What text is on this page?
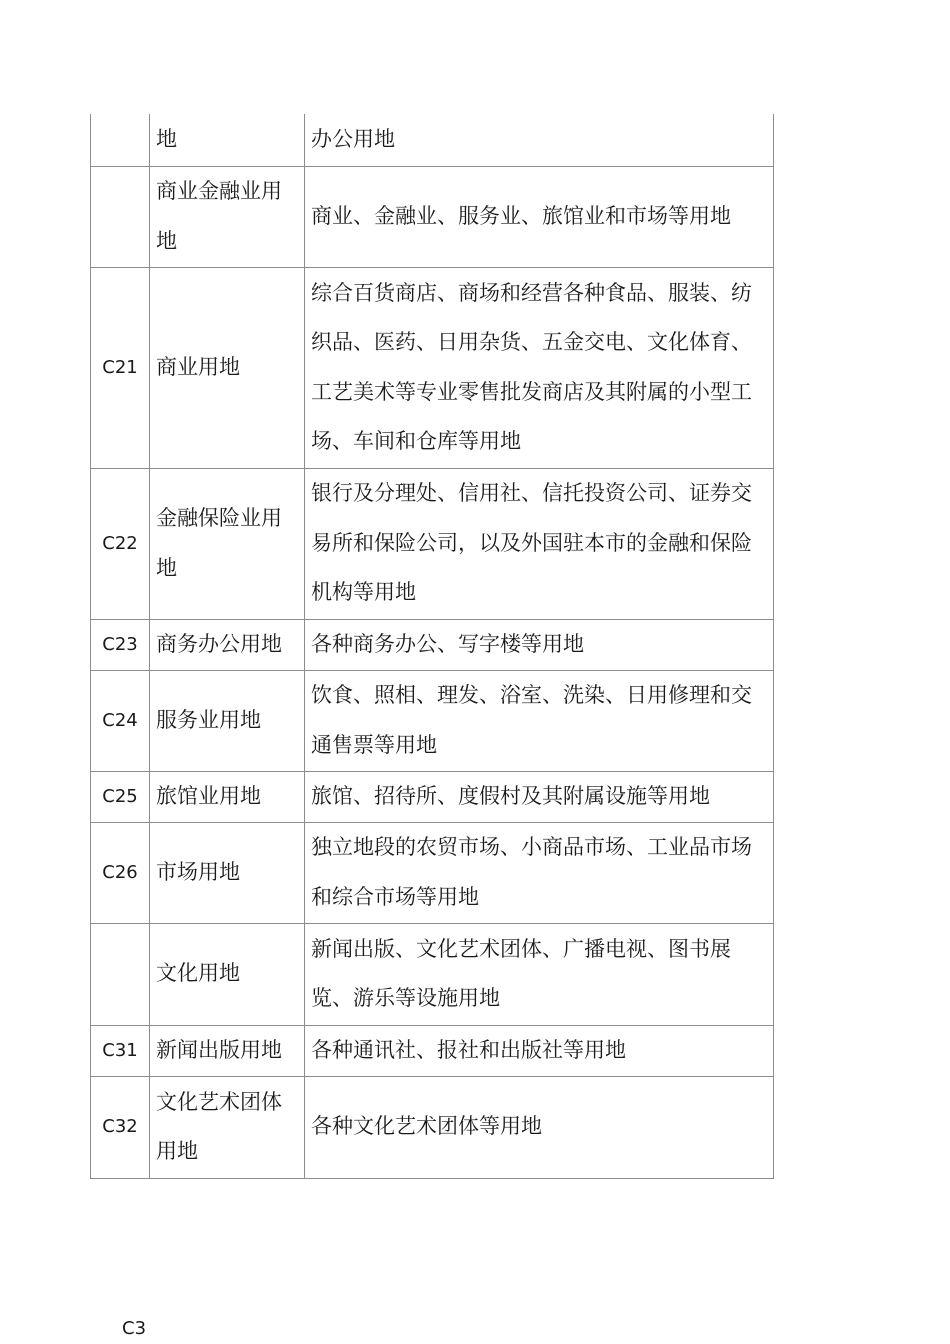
	地	办公用地
	商业金融业用地	商业、金融业、服务业、旅馆业和市场等用地
C21	商业用地	综合百货商店、商场和经营各种食品、服装、纺织品、医药、日用杂货、五金交电、文化体育、工艺美术等专业零售批发商店及其附属的小型工场、车间和仓库等用地
C22	金融保险业用地	银行及分理处、信用社、信托投资公司、证券交易所和保险公司，以及外国驻本市的金融和保险机构等用地
C23	商务办公用地	各种商务办公、写字楼等用地
C24	服务业用地	饮食、照相、理发、浴室、洗染、日用修理和交通售票等用地
C25	旅馆业用地	旅馆、招待所、度假村及其附属设施等用地
C26	市场用地	独立地段的农贸市场、小商品市场、工业品市场和综合市场等用地
	文化用地	新闻出版、文化艺术团体、广播电视、图书展览、游乐等设施用地
C31	新闻出版用地	各种通讯社、报社和出版社等用地
C32	文化艺术团体用地	各种文化艺术团体等用地
C3
